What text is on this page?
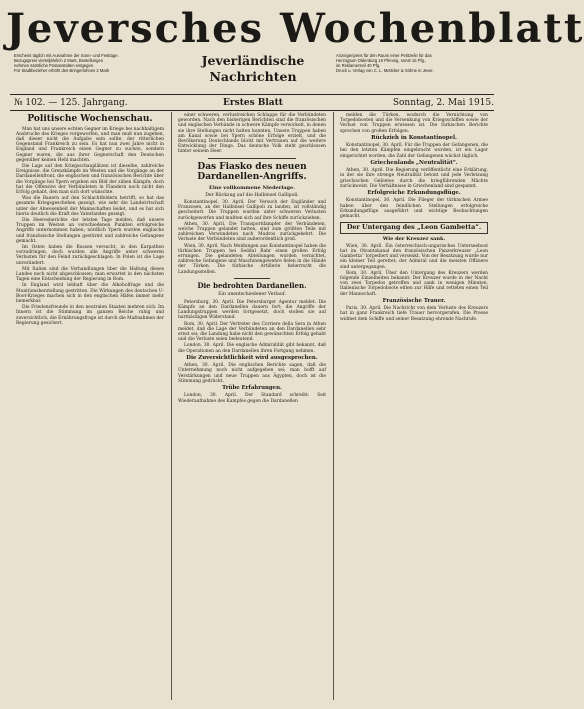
Jeversches Wochenblatt
Erscheint täglich mit Ausnahme der Sonn- und Festtage.
Bezugspreis vierteljährlich 2 Mark, Bestellungen
nehmen sämtliche Postanstalten entgegen.
Für Stadtbezieher erhöht des Bringerlohnes 2 Mark
Jeverländische
Nachrichten
Anzeigenpreis für den Raum einer Petitzeile für das
Herzogtum Oldenburg 10 Pfennig, sonst 15 Pfg.,
im Reklamenteil 40 Pfg.
Druck u. Verlag von C. L. Mettcker & Söhne in Jever.
№ 102. — 125. Jahrgang.	Erstes Blatt	Sonntag, 2. Mai 1915.
Politische Wochenschau.

Man hat uns unsere echten Gegner im Kriege bei nachhaltigem Ausbruche des Krieges vorgeworfen, und man muß nun zugeben, daß dieser nicht die Aufgabe sein sollte, der ritterlichen Gegenstand Frankreich zu sein. Es hat nun zwei Jahre nicht in England und Frankreich einen Gegner zu suchen, sondern Gegner waren, die aus ihrer Gegnerschaft den Deutschen gegenüber keinen Hehl machten.

Die Lage auf den Kriegsschauplätzen ist dieselbe, zahlreiche Ereignisse, die Grenzkämpfe im Westen und die Vorgänge an der Dardanellenfront, die englischen und französischen Berichte über die Vorgänge bei Ypern ergeben ein Bild der zähen Kämpfe; doch hat die Offensive der Verbündeten in Flandern noch nicht den Erfolg gehabt, den man sich dort wünschte.

Was die Bauern auf den Schlachtfeldern betrifft, so hat das gesamte Kriegsgeschehen gezeigt, wie sehr die Landwirtschaft unter der Abwesenheit der Mannschaften leidet, und es hat sich hierin deutlich die Kraft des Vaterlandes gezeigt.

Die Heeresberichte der letzten Tage melden, daß unsere Truppen im Westen an verschiedenen Punkten erfolgreiche Angriffe unternommen haben; nördlich Ypern wurden englische und französische Stellungen gestürmt und zahlreiche Gefangene gemacht.

Im Osten haben die Russen versucht, in den Karpathen vorzudringen, doch wurden alle Angriffe unter schweren Verlusten für den Feind zurückgeschlagen. In Polen ist die Lage unverändert.

Mit Italien sind die Verhandlungen über die Haltung dieses Landes noch nicht abgeschlossen; man erwartet in den nächsten Tagen eine Entscheidung der Regierung in Rom.

In England wird lebhaft über die Alkoholfrage und die Munitionsherstellung gestritten. Die Wirkungen des deutschen U-Boot-Krieges machen sich in den englischen Häfen immer mehr bemerkbar.

Die Friedensfreunde in den neutralen Staaten mehren sich. Im Innern ist die Stimmung im ganzen Reiche ruhig und zuversichtlich, die Ernährungsfrage ist durch die Maßnahmen der Regierung gesichert.

einer schweren, verlustreichen Schlappe für die Verbündeten geworden. Nach den bisherigen Berichten sind die französischen und englischen Verbände in schwere Kämpfe verwickelt, in denen sie ihre Stellungen nicht halten konnten. Unsere Truppen haben am Kanal sowie bei Ypern schöne Erfolge erzielt, und die Bevölkerung Deutschlands blickt mit Vertrauen auf die weitere Entwicklung der Dinge. Das deutsche Volk steht geschlossen hinter seinem Heer.

Das Fiasko des neuen Dardanellen-Angriffs.
Eine vollkommene Niederlage.
Der Rückzug auf die Halbinsel Gallipoli.

Konstantinopel, 30. April. Der Versuch der Engländer und Franzosen, an der Halbinsel Gallipoli zu landen, ist vollständig gescheitert. Die Truppen wurden unter schweren Verlusten zurückgeworfen und mußten sich auf ihre Schiffe zurückziehen.

Athen, 30. April. Die Transportdampfer der Verbündeten, welche Truppen gelandet hatten, sind zum größten Teile mit zahlreichen Verwundeten nach Mudros zurückgekehrt. Die Verluste der Verbündeten sind außerordentlich groß.

Wien, 30. April. Nach Meldungen aus Konstantinopel haben die türkischen Truppen bei Seddul Bahr einen großen Erfolg errungen. Die gelandeten Abteilungen wurden vernichtet, zahlreiche Gefangene und Maschinengewehre fielen in die Hände der Türken. Die türkische Artillerie beherrscht die Landungsstellen.

Die bedrohten Dardanellen.
Ein unentschiedener Verlauf.

Petersburg, 30. April. Die Petersburger Agentur meldet: Die Kämpfe an den Dardanellen dauern fort; die Angriffe der Landungstruppen werden fortgesetzt, doch stoßen sie auf hartnäckigen Widerstand.

Rom, 30. April. Der Vertreter des Corriere della Sera in Athen meldet, daß die Lage der Verbündeten an den Dardanellen sehr ernst sei; die Landung habe nicht den gewünschten Erfolg gehabt und die Verluste seien bedeutend.

London, 30. April. Die englische Admiralität gibt bekannt, daß die Operationen an den Dardanellen ihren Fortgang nehmen.

Die Zuversichtlichkeit wird ausgesprochen.

Athen, 30. April. Die englischen Berichte sagen, daß die Unternehmung noch nicht aufgegeben sei; man hofft auf Verstärkungen und neue Truppen aus Ägypten, doch ist die Stimmung gedrückt.

Trübe Erfahrungen.

London, 30. April. Der Standard schreibt: Seit Wiederaufnahme des Kampfes gegen die Dardanellen

melden die Türken, wodurch die Vernichtung von Torpedobooten und die Versenkung von Kriegsschiffen sowie der Verlust von Truppen erwiesen ist. Die türkischen Berichte sprechen von großen Erfolgen.

Rückzieh in Konstantinopel.

Konstantinopel, 30. April. Für die Truppen der Gefangenen, die bei den letzten Kämpfen eingebracht wurden, ist ein Lager eingerichtet worden; die Zahl der Gefangenen wächst täglich.

Griechenlands „Neutralität“.

Athen, 30. April. Die Regierung veröffentlicht eine Erklärung, in der sie ihre strenge Neutralität betont und jede Verletzung griechischen Gebietes durch die kriegführenden Mächte zurückweist. Die Verhältnisse in Griechenland sind gespannt.

Erfolgreiche Erkundungsflüge.

Konstantinopel, 30. April. Die Flieger der türkischen Armee haben über den feindlichen Stellungen erfolgreiche Erkundungsflüge ausgeführt und wichtige Beobachtungen gemacht.

Der Untergang des „Leon Gambetta“.
Wie der Kreuzer sank.

Wien, 30. April. Ein österreichisch-ungarisches Unterseeboot hat im Otrantokanal den französischen Panzerkreuzer „Leon Gambetta“ torpediert und versenkt. Von der Besatzung wurde nur ein kleiner Teil gerettet; der Admiral und die meisten Offiziere sind untergegangen.

Rom, 30. April. Über den Untergang des Kreuzers werden folgende Einzelheiten bekannt: Der Kreuzer wurde in der Nacht von zwei Torpedos getroffen und sank in wenigen Minuten. Italienische Torpedoboote eilten zur Hilfe und retteten einen Teil der Mannschaft.

Französische Trauer.

Paris, 30. April. Die Nachricht von dem Verluste des Kreuzers hat in ganz Frankreich tiefe Trauer hervorgerufen. Die Presse widmet dem Schiffe und seiner Besatzung ehrende Nachrufe.
